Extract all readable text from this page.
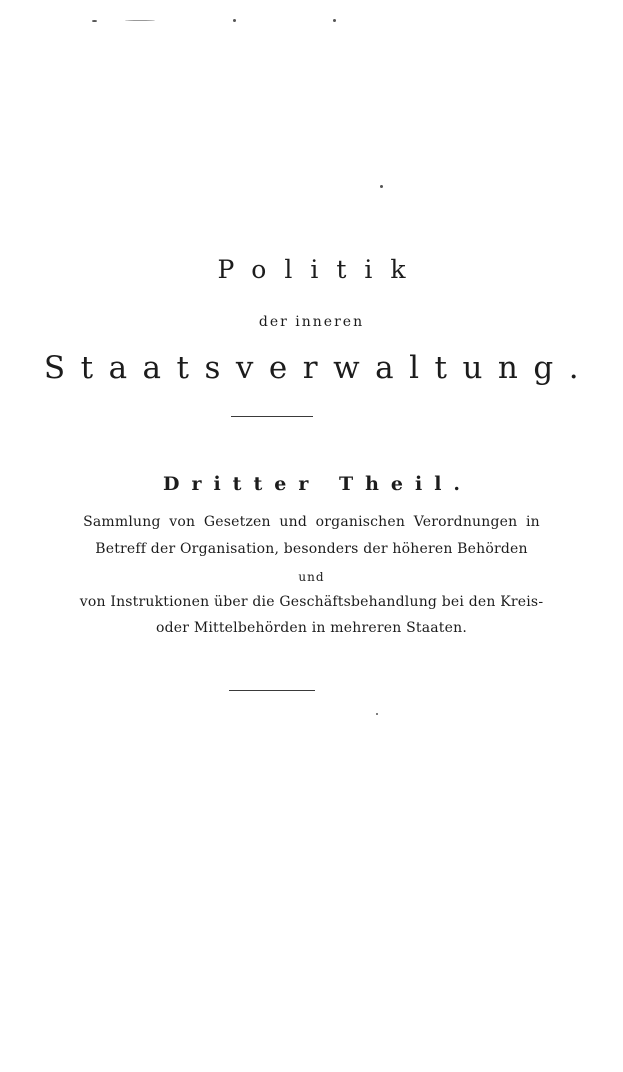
Politik
der inneren
Staatsverwaltung.
Dritter Theil.
Sammlung von Gesetzen und organischen Verordnungen in
Betreff der Organisation, besonders der höheren Behörden
und
von Instruktionen über die Geschäftsbehandlung bei den Kreis-
oder Mittelbehörden in mehreren Staaten.
